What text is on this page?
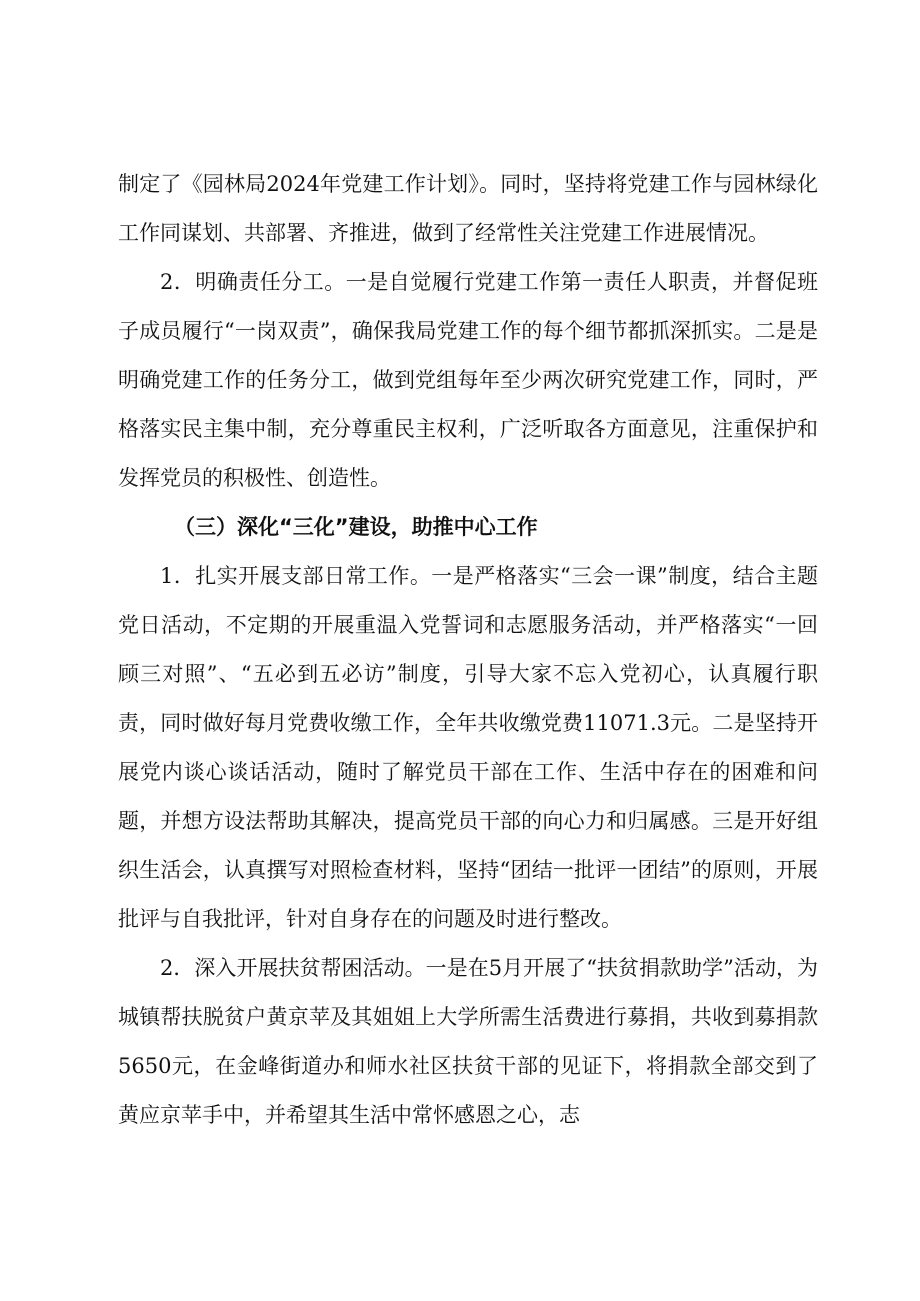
制定了《园林局2024年党建工作计划》。同时，坚持将党建工作与园林绿化工作同谋划、共部署、齐推进，做到了经常性关注党建工作进展情况。

2．明确责任分工。一是自觉履行党建工作第一责任人职责，并督促班子成员履行“一岗双责”，确保我局党建工作的每个细节都抓深抓实。二是是明确党建工作的任务分工，做到党组每年至少两次研究党建工作，同时，严格落实民主集中制，充分尊重民主权利，广泛听取各方面意见，注重保护和发挥党员的积极性、创造性。

（三）深化“三化”建设，助推中心工作

1．扎实开展支部日常工作。一是严格落实“三会一课”制度，结合主题党日活动，不定期的开展重温入党誓词和志愿服务活动，并严格落实“一回顾三对照”、“五必到五必访”制度，引导大家不忘入党初心，认真履行职责，同时做好每月党费收缴工作，全年共收缴党费11071.3元。二是坚持开展党内谈心谈话活动，随时了解党员干部在工作、生活中存在的困难和问题，并想方设法帮助其解决，提高党员干部的向心力和归属感。三是开好组织生活会，认真撰写对照检查材料，坚持“团结一批评一团结”的原则，开展批评与自我批评，针对自身存在的问题及时进行整改。

2．深入开展扶贫帮困活动。一是在5月开展了“扶贫捐款助学”活动，为城镇帮扶脱贫户黄京苹及其姐姐上大学所需生活费进行募捐，共收到募捐款5650元，在金峰街道办和师水社区扶贫干部的见证下，将捐款全部交到了黄应京苹手中，并希望其生活中常怀感恩之心，志
